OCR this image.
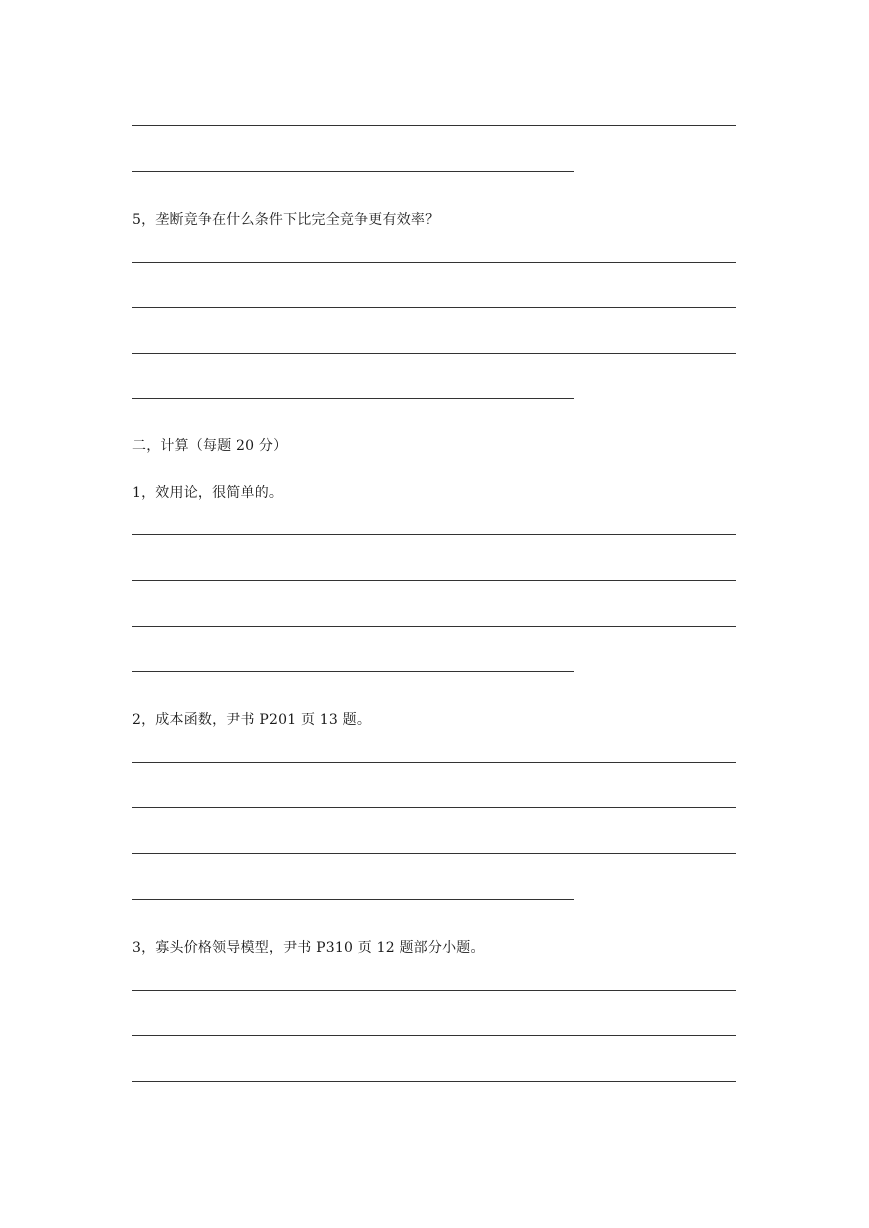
5，垄断竞争在什么条件下比完全竞争更有效率？
二，计算（每题 20 分）
1，效用论，很简单的。
2，成本函数，尹书 P201 页 13 题。
3，寡头价格领导模型，尹书 P310 页 12 题部分小题。
